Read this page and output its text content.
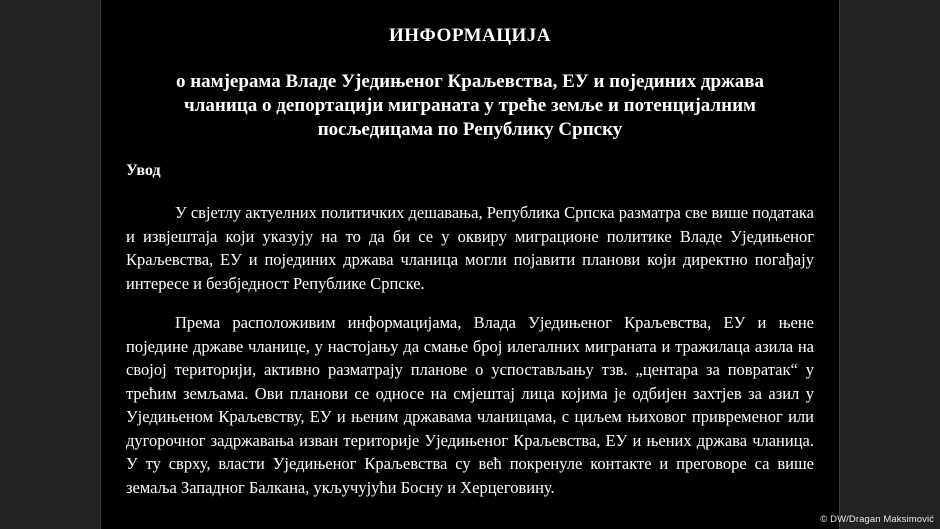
ИНФОРМАЦИЈА
о намјерама Владе Уједињеног Краљевства, ЕУ и појединих држава чланица о депортацији миграната у треће земље и потенцијалним посљедицама по Републику Српску
Увод

У свјетлу актуелних политичких дешавања, Република Српска разматра све више података и извјештаја који указују на то да би се у оквиру миграционе политике Владе Уједињеног Краљевства, ЕУ и појединих држава чланица могли појавити планови који директно погађају интересе и безбједност Републике Српске.

Према расположивим информацијама, Влада Уједињеног Краљевства, ЕУ и њене поједине државе чланице, у настојању да смање број илегалних миграната и тражилаца азила на својој територији, активно разматрају планове о успостављању тзв. „центара за повратак“ у трећим земљама. Ови планови се односе на смјештај лица којима је одбијен захтјев за азил у Уједињеном Краљевству, ЕУ и њеним државама чланицама, с циљем њиховог привременог или дугорочног задржавања изван територије Уједињеног Краљевства, ЕУ и њених држава чланица. У ту сврху, власти Уједињеног Краљевства су већ покренуле контакте и преговоре са више земаља Западног Балкана, укључујући Босну и Херцеговину.

© DW/Dragan Maksimović
